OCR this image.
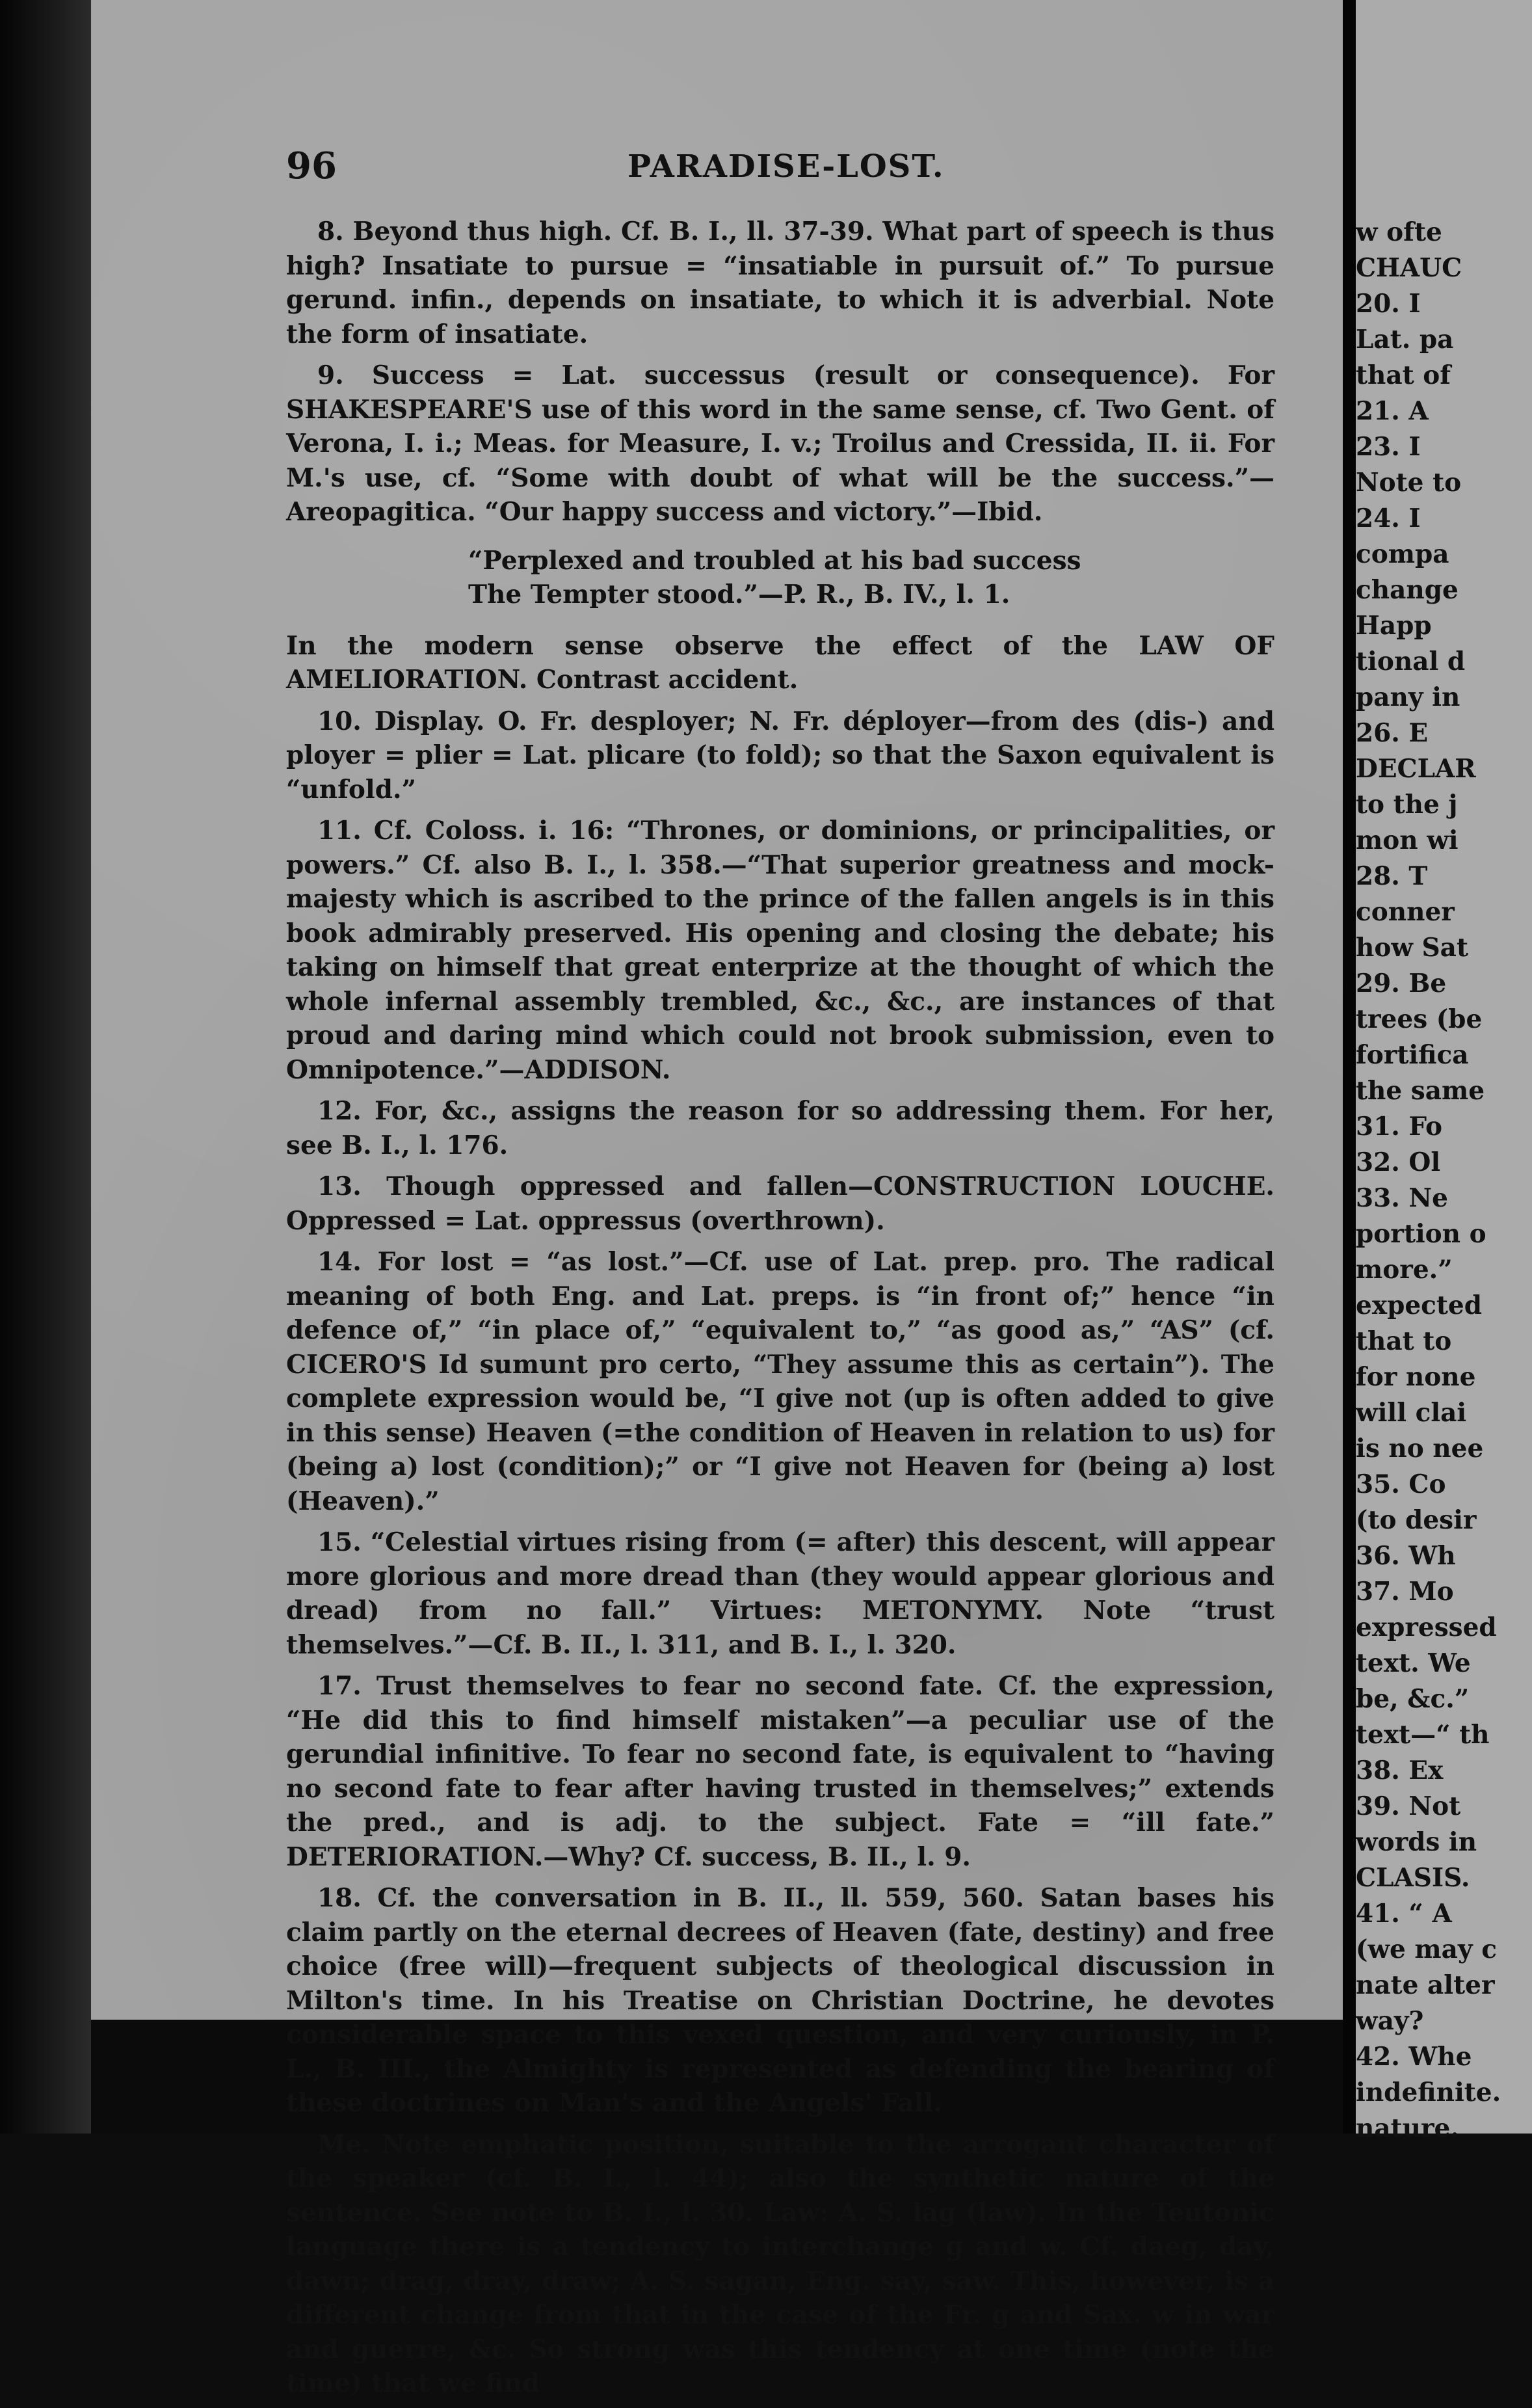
96	PARADISE-LOST.

8. Beyond thus high. Cf. B. I., ll. 37-39. What part of speech is thus high? Insatiate to pursue = “insatiable in pursuit of.” To pursue gerund. infin., depends on insatiate, to which it is adverbial. Note the form of insatiate.

9. Success = Lat. successus (result or consequence). For SHAKESPEARE'S use of this word in the same sense, cf. Two Gent. of Verona, I. i.; Meas. for Measure, I. v.; Troilus and Cressida, II. ii. For M.'s use, cf. “Some with doubt of what will be the success.”—Areopagitica. “Our happy success and victory.”—Ibid.

“Perplexed and troubled at his bad success
The Tempter stood.”—P. R., B. IV., l. 1.

In the modern sense observe the effect of the LAW OF AMELIORATION. Contrast accident.

10. Display. O. Fr. desployer; N. Fr. déployer—from des (dis-) and ployer = plier = Lat. plicare (to fold); so that the Saxon equivalent is “unfold.”

11. Cf. Coloss. i. 16: “Thrones, or dominions, or principalities, or powers.” Cf. also B. I., l. 358.—“That superior greatness and mock-majesty which is ascribed to the prince of the fallen angels is in this book admirably preserved. His opening and closing the debate; his taking on himself that great enterprize at the thought of which the whole infernal assembly trembled, &c., &c., are instances of that proud and daring mind which could not brook submission, even to Omnipotence.”—ADDISON.

12. For, &c., assigns the reason for so addressing them. For her, see B. I., l. 176.

13. Though oppressed and fallen—CONSTRUCTION LOUCHE. Oppressed = Lat. oppressus (overthrown).

14. For lost = “as lost.”—Cf. use of Lat. prep. pro. The radical meaning of both Eng. and Lat. preps. is “in front of;” hence “in defence of,” “in place of,” “equivalent to,” “as good as,” “AS” (cf. CICERO'S Id sumunt pro certo, “They assume this as certain”). The complete expression would be, “I give not (up is often added to give in this sense) Heaven (=the condition of Heaven in relation to us) for (being a) lost (condition);” or “I give not Heaven for (being a) lost (Heaven).”

15. “Celestial virtues rising from (= after) this descent, will appear more glorious and more dread than (they would appear glorious and dread) from no fall.” Virtues: METONYMY. Note “trust themselves.”—Cf. B. II., l. 311, and B. I., l. 320.

17. Trust themselves to fear no second fate. Cf. the expression, “He did this to find himself mistaken”—a peculiar use of the gerundial infinitive. To fear no second fate, is equivalent to “having no second fate to fear after having trusted in themselves;” extends the pred., and is adj. to the subject. Fate = “ill fate.” DETERIORATION.—Why? Cf. success, B. II., l. 9.

18. Cf. the conversation in B. II., ll. 559, 560. Satan bases his claim partly on the eternal decrees of Heaven (fate, destiny) and free choice (free will)—frequent subjects of theological discussion in Milton's time. In his Treatise on Christian Doctrine, he devotes considerable space to this vexed question, and very curiously, in P. L., B. III., the Almighty is represented as defending the bearing of these doctrines on Man's and the Angels' Fall.

Me. Note emphatic position, suitable to the arrogant character of the speaker (cf. B. I., l. 44); also the synthetic nature of the sentence. See note to B. I., l. 30. Law: A. S. lag (law). In the Teutonic language there is a tendency to interchange g and w. Cf. daeg, day, dawn; drag, dray, draw; A. S. sagan, Eng. say, saw. This, however, is a different change from that in the case of the Fr. g and Sax. w in war and guerre, &c. So strong was this tendency at one time (note the time) that we find

w ofte
CHAUC
20. I
Lat. pa
that of
21. A
23. I
Note to
24. I
compa
change
Happ
tional d
pany in
26. E
DECLAR
to the j
mon wi
28. T
conner
how Sat
29. Be
trees (be
fortifica
the same
31. Fo
32. Ol
33. Ne
portion o
more.”
expected
that to
for none
will clai
is no nee
35. Co
(to desir
36. Wh
37. Mo
expressed
text. We
be, &c.”
text—“ th
38. Ex
39. Not
words in
CLASIS.
41. “ A
(we may c
nate alter
way?
42. Whe
indefinite.
nature.
